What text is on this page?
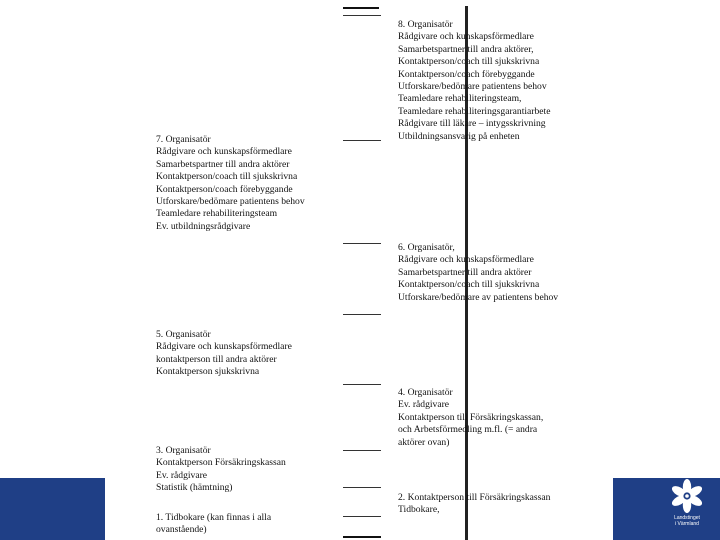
8. Organisatör
Rådgivare och kunskapsförmedlare
Samarbetspartner till andra aktörer,
Kontaktperson/coach till sjukskrivna
Kontaktperson/coach förebyggande
Utforskare/bedömare patientens behov
Teamledare rehabiliteringsteam,
Teamledare rehabiliteringsgarantiarbete
Rådgivare till läkare – intygsskrivning
Utbildningsansvarig på enheten
7. Organisatör
Rådgivare och kunskapsförmedlare
Samarbetspartner till andra aktörer
Kontaktperson/coach till sjukskrivna
Kontaktperson/coach förebyggande
Utforskare/bedömare patientens behov
Teamledare rehabiliteringsteam
Ev. utbildningsrådgivare
6. Organisatör,
Rådgivare och kunskapsförmedlare
Samarbetspartner till andra aktörer
Kontaktperson/coach till sjukskrivna
Utforskare/bedömare av patientens behov
5. Organisatör
Rådgivare och kunskapsförmedlare
kontaktperson till andra aktörer
Kontaktperson sjukskrivna
4. Organisatör
Ev. rådgivare
Kontaktperson till Försäkringskassan,
och Arbetsförmedling m.fl. (= andra
aktörer ovan)
3. Organisatör
Kontaktperson Försäkringskassan
Ev. rådgivare
Statistik (hämtning)
2. Kontaktperson till Försäkringskassan
Tidbokare,
1. Tidbokare (kan finnas i alla
ovanstående)
Landstinget
i Värmland
